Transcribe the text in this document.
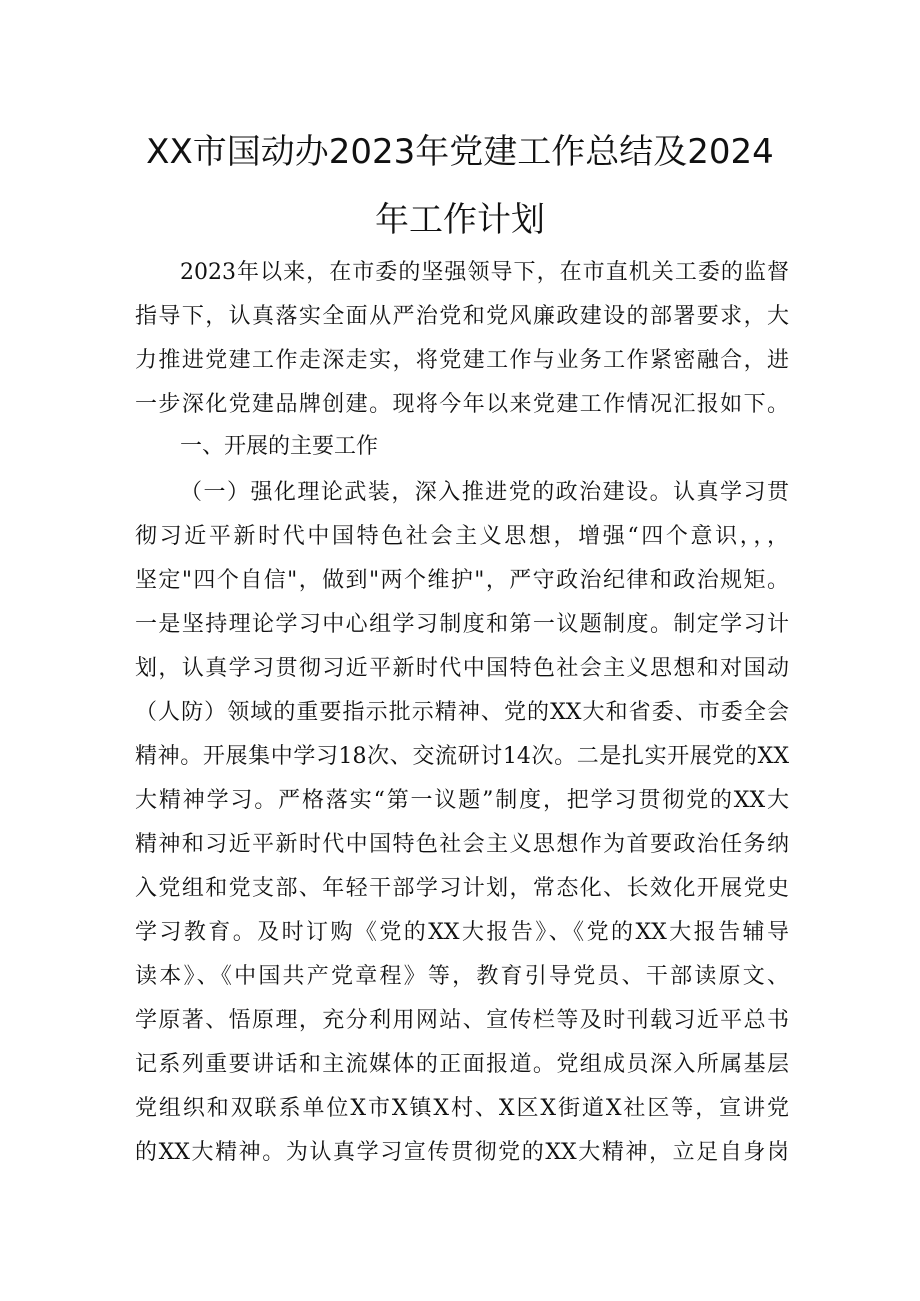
XX市国动办2023年党建工作总结及2024
年工作计划
2023年以来，在市委的坚强领导下，在市直机关工委的监督
指导下，认真落实全面从严治党和党风廉政建设的部署要求，大
力推进党建工作走深走实，将党建工作与业务工作紧密融合，进
一步深化党建品牌创建。现将今年以来党建工作情况汇报如下。
一、开展的主要工作
（一）强化理论武装，深入推进党的政治建设。认真学习贯
彻习近平新时代中国特色社会主义思想，增强“四个意识，，，
坚定"四个自信"，做到"两个维护"，严守政治纪律和政治规矩。
一是坚持理论学习中心组学习制度和第一议题制度。制定学习计
划，认真学习贯彻习近平新时代中国特色社会主义思想和对国动
（人防）领域的重要指示批示精神、党的XX大和省委、市委全会
精神。开展集中学习18次、交流研讨14次。二是扎实开展党的XX
大精神学习。严格落实“第一议题”制度，把学习贯彻党的XX大
精神和习近平新时代中国特色社会主义思想作为首要政治任务纳
入党组和党支部、年轻干部学习计划，常态化、长效化开展党史
学习教育。及时订购《党的XX大报告》、《党的XX大报告辅导
读本》、《中国共产党章程》等，教育引导党员、干部读原文、
学原著、悟原理，充分利用网站、宣传栏等及时刊载习近平总书
记系列重要讲话和主流媒体的正面报道。党组成员深入所属基层
党组织和双联系单位X市X镇X村、X区X街道X社区等，宣讲党
的XX大精神。为认真学习宣传贯彻党的XX大精神，立足自身岗
